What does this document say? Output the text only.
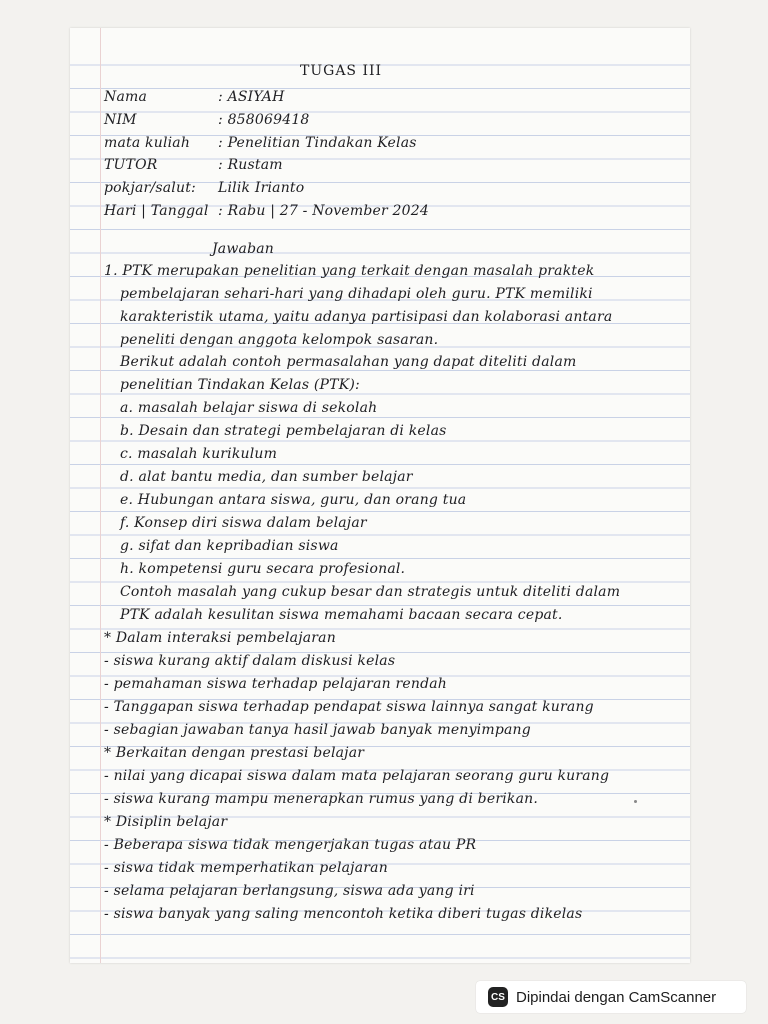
TUGAS III
Nama	: ASIYAH
NIM	: 858069418
mata kuliah : Penelitian Tindakan Kelas
TUTOR	: Rustam
pokjar/salut: Lilik Irianto
Hari | Tanggal : Rabu | 27 - November 2024
Jawaban
1. PTK merupakan penelitian yang terkait dengan masalah praktek
pembelajaran sehari-hari yang dihadapi oleh guru. PTK memiliki
karakteristik utama, yaitu adanya partisipasi dan kolaborasi antara
peneliti dengan anggota kelompok sasaran.
Berikut adalah contoh permasalahan yang dapat diteliti dalam
penelitian Tindakan Kelas (PTK):
a. masalah belajar siswa di sekolah
b. Desain dan strategi pembelajaran di kelas
c. masalah kurikulum
d. alat bantu media, dan sumber belajar
e. Hubungan antara siswa, guru, dan orang tua
f. Konsep diri siswa dalam belajar
g. sifat dan kepribadian siswa
h. kompetensi guru secara profesional.
Contoh masalah yang cukup besar dan strategis untuk diteliti dalam
PTK adalah kesulitan siswa memahami bacaan secara cepat.
* Dalam interaksi pembelajaran
- siswa kurang aktif dalam diskusi kelas
- pemahaman siswa terhadap pelajaran rendah
- Tanggapan siswa terhadap pendapat siswa lainnya sangat kurang
- sebagian jawaban tanya hasil jawab banyak menyimpang
* Berkaitan dengan prestasi belajar
- nilai yang dicapai siswa dalam mata pelajaran seorang guru kurang
- siswa kurang mampu menerapkan rumus yang di berikan.
* Disiplin belajar
- Beberapa siswa tidak mengerjakan tugas atau PR
- siswa tidak memperhatikan pelajaran
- selama pelajaran berlangsung, siswa ada yang iri
- siswa banyak yang saling mencontoh ketika diberi tugas dikelas
CS Dipindai dengan CamScanner
